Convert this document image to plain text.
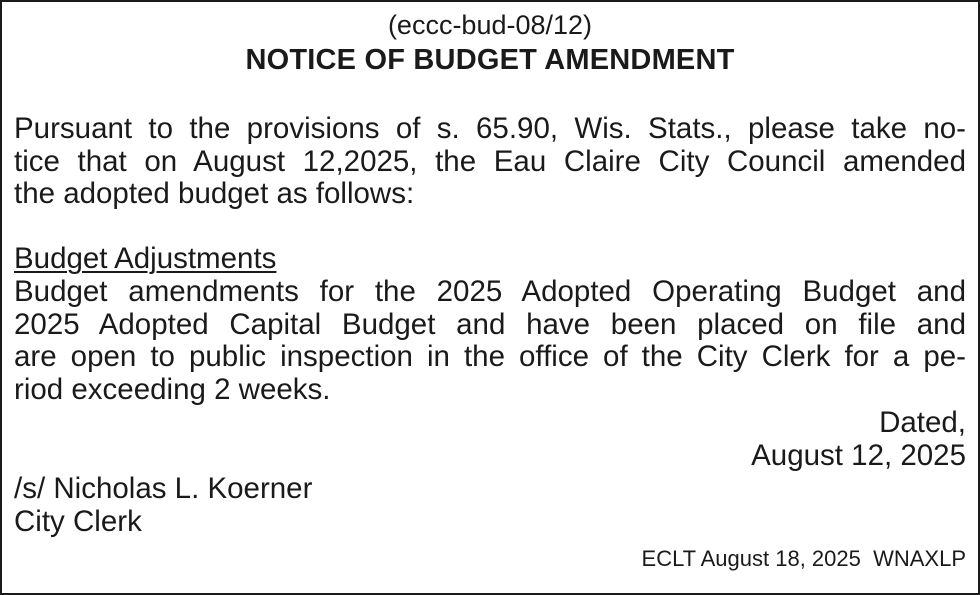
(eccc-bud-08/12)
NOTICE OF BUDGET AMENDMENT
Pursuant to the provisions of s. 65.90, Wis. Stats., please take no-
tice that on August 12,2025, the Eau Claire City Council amended
the adopted budget as follows:
Budget Adjustments
Budget amendments for the 2025 Adopted Operating Budget and
2025 Adopted Capital Budget and have been placed on file and
are open to public inspection in the office of the City Clerk for a pe-
riod exceeding 2 weeks.
Dated,
August 12, 2025
/s/ Nicholas L. Koerner
City Clerk
ECLT August 18, 2025  WNAXLP
